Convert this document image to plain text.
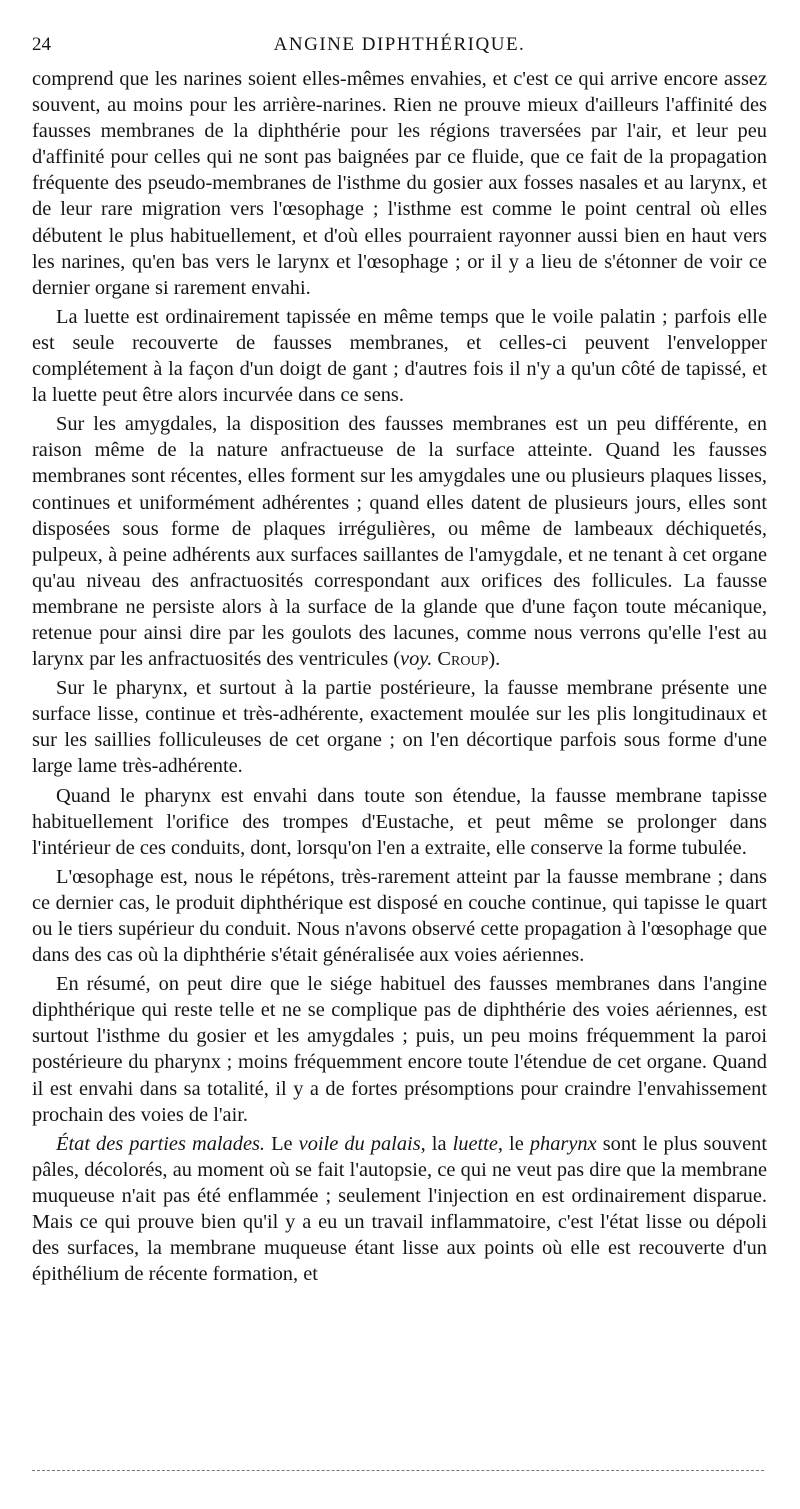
24	ANGINE DIPHTHÉRIQUE.

comprend que les narines soient elles-mêmes envahies, et c'est ce qui arrive encore assez souvent, au moins pour les arrière-narines. Rien ne prouve mieux d'ailleurs l'affinité des fausses membranes de la diphthérie pour les régions traversées par l'air, et leur peu d'affinité pour celles qui ne sont pas baignées par ce fluide, que ce fait de la propagation fréquente des pseudo-membranes de l'isthme du gosier aux fosses nasales et au larynx, et de leur rare migration vers l'œsophage ; l'isthme est comme le point central où elles débutent le plus habituellement, et d'où elles pourraient rayonner aussi bien en haut vers les narines, qu'en bas vers le larynx et l'œsophage ; or il y a lieu de s'étonner de voir ce dernier organe si rarement envahi.

La luette est ordinairement tapissée en même temps que le voile palatin ; parfois elle est seule recouverte de fausses membranes, et celles-ci peuvent l'envelopper complétement à la façon d'un doigt de gant ; d'autres fois il n'y a qu'un côté de tapissé, et la luette peut être alors incurvée dans ce sens.

Sur les amygdales, la disposition des fausses membranes est un peu différente, en raison même de la nature anfractueuse de la surface atteinte. Quand les fausses membranes sont récentes, elles forment sur les amygdales une ou plusieurs plaques lisses, continues et uniformément adhérentes ; quand elles datent de plusieurs jours, elles sont disposées sous forme de plaques irrégulières, ou même de lambeaux déchiquetés, pulpeux, à peine adhérents aux surfaces saillantes de l'amygdale, et ne tenant à cet organe qu'au niveau des anfractuosités correspondant aux orifices des follicules. La fausse membrane ne persiste alors à la surface de la glande que d'une façon toute mécanique, retenue pour ainsi dire par les goulots des lacunes, comme nous verrons qu'elle l'est au larynx par les anfractuosités des ventricules (voy. Croup).

Sur le pharynx, et surtout à la partie postérieure, la fausse membrane présente une surface lisse, continue et très-adhérente, exactement moulée sur les plis longitudinaux et sur les saillies folliculeuses de cet organe ; on l'en décortique parfois sous forme d'une large lame très-adhérente.

Quand le pharynx est envahi dans toute son étendue, la fausse membrane tapisse habituellement l'orifice des trompes d'Eustache, et peut même se prolonger dans l'intérieur de ces conduits, dont, lorsqu'on l'en a extraite, elle conserve la forme tubulée.

L'œsophage est, nous le répétons, très-rarement atteint par la fausse membrane ; dans ce dernier cas, le produit diphthérique est disposé en couche continue, qui tapisse le quart ou le tiers supérieur du conduit. Nous n'avons observé cette propagation à l'œsophage que dans des cas où la diphthérie s'était généralisée aux voies aériennes.

En résumé, on peut dire que le siége habituel des fausses membranes dans l'angine diphthérique qui reste telle et ne se complique pas de diphthérie des voies aériennes, est surtout l'isthme du gosier et les amygdales ; puis, un peu moins fréquemment la paroi postérieure du pharynx ; moins fréquemment encore toute l'étendue de cet organe. Quand il est envahi dans sa totalité, il y a de fortes présomptions pour craindre l'envahissement prochain des voies de l'air.

État des parties malades. Le voile du palais, la luette, le pharynx sont le plus souvent pâles, décolorés, au moment où se fait l'autopsie, ce qui ne veut pas dire que la membrane muqueuse n'ait pas été enflammée ; seulement l'injection en est ordinairement disparue. Mais ce qui prouve bien qu'il y a eu un travail inflammatoire, c'est l'état lisse ou dépoli des surfaces, la membrane muqueuse étant lisse aux points où elle est recouverte d'un épithélium de récente formation, et
